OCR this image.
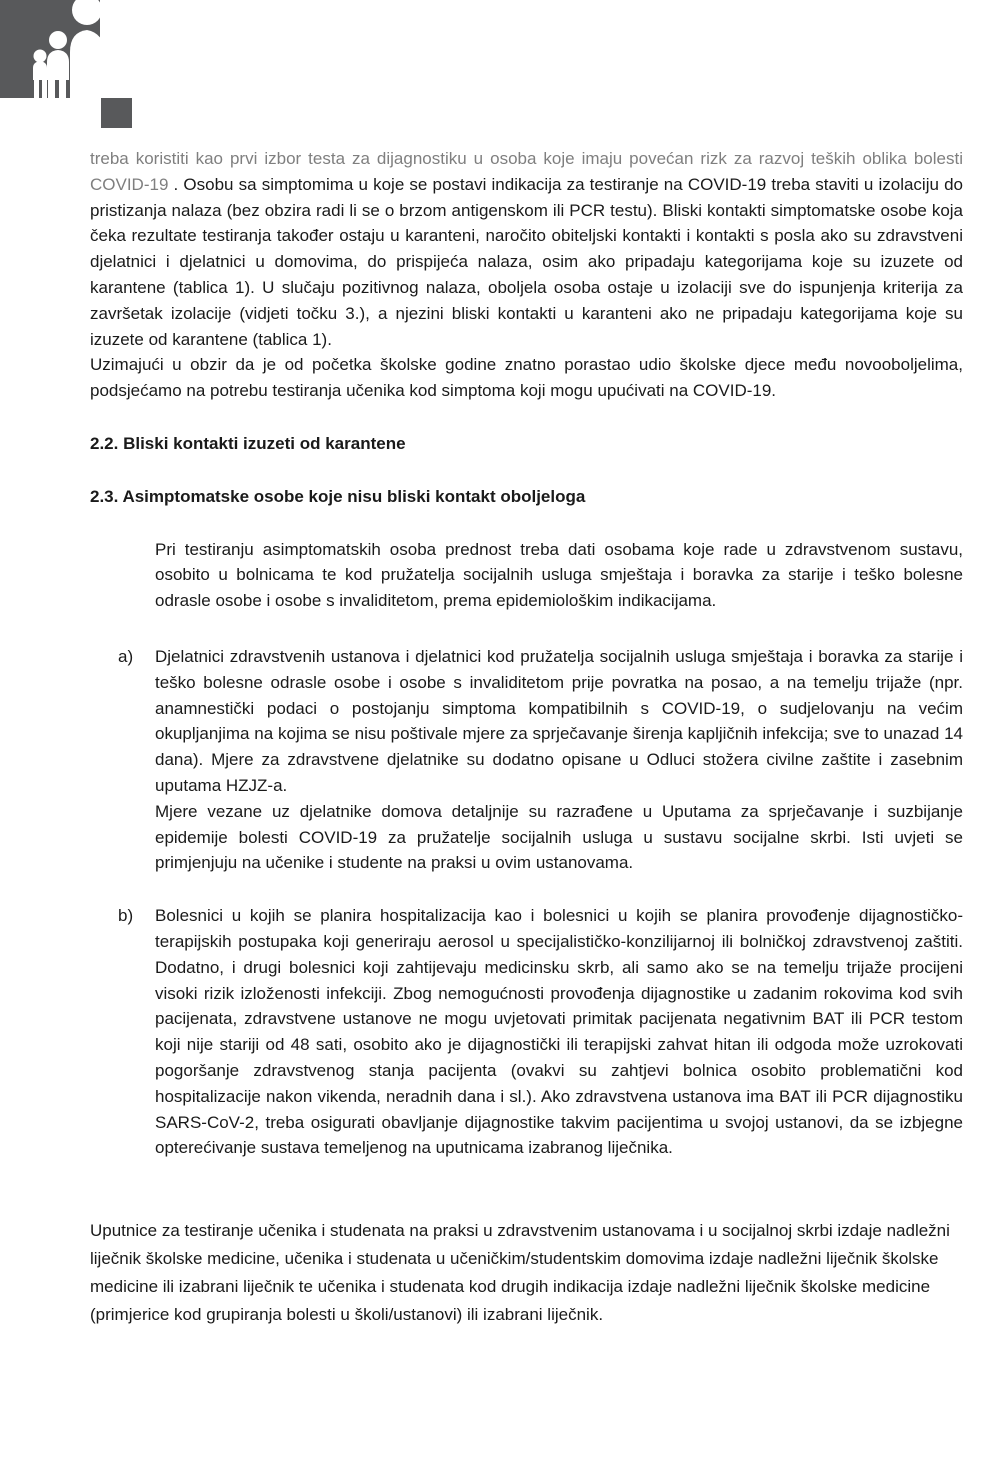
treba koristiti kao prvi izbor testa za dijagnostiku u osoba koje imaju povećan rizk za razvoj teških oblika bolesti COVID-19 . Osobu sa simptomima u koje se postavi indikacija za testiranje na COVID-19 treba staviti u izolaciju do pristizanja nalaza (bez obzira radi li se o brzom antigenskom ili PCR testu). Bliski kontakti simptomatske osobe koja čeka rezultate testiranja također ostaju u karanteni, naročito obiteljski kontakti i kontakti s posla ako su zdravstveni djelatnici i djelatnici u domovima, do prispijeća nalaza, osim ako pripadaju kategorijama koje su izuzete od karantene (tablica 1). U slučaju pozitivnog nalaza, oboljela osoba ostaje u izolaciji sve do ispunjenja kriterija za završetak izolacije (vidjeti točku 3.), a njezini bliski kontakti u karanteni ako ne pripadaju kategorijama koje su izuzete od karantene (tablica 1).

Uzimajući u obzir da je od početka školske godine znatno porastao udio školske djece među novooboljelima, podsjećamo na potrebu testiranja učenika kod simptoma koji mogu upućivati na COVID-19.

2.2. Bliski kontakti izuzeti od karantene
2.3. Asimptomatske osobe koje nisu bliski kontakt oboljeloga

Pri testiranju asimptomatskih osoba prednost treba dati osobama koje rade u zdravstvenom sustavu, osobito u bolnicama te kod pružatelja socijalnih usluga smještaja i boravka za starije i teško bolesne odrasle osobe i osobe s invaliditetom, prema epidemiološkim indikacijama.

a) Djelatnici zdravstvenih ustanova i djelatnici kod pružatelja socijalnih usluga smještaja i boravka za starije i teško bolesne odrasle osobe i osobe s invaliditetom prije povratka na posao, a na temelju trijaže (npr. anamnestički podaci o postojanju simptoma kompatibilnih s COVID-19, o sudjelovanju na većim okupljanjima na kojima se nisu poštivale mjere za sprječavanje širenja kapljičnih infekcija; sve to unazad 14 dana). Mjere za zdravstvene djelatnike su dodatno opisane u Odluci stožera civilne zaštite i zasebnim uputama HZJZ-a.

Mjere vezane uz djelatnike domova detaljnije su razrađene u Uputama za sprječavanje i suzbijanje epidemije bolesti COVID-19 za pružatelje socijalnih usluga u sustavu socijalne skrbi. Isti uvjeti se primjenjuju na učenike i studente na praksi u ovim ustanovama.

b) Bolesnici u kojih se planira hospitalizacija kao i bolesnici u kojih se planira provođenje dijagnostičko-terapijskih postupaka koji generiraju aerosol u specijalističko-konzilijarnoj ili bolničkoj zdravstvenoj zaštiti. Dodatno, i drugi bolesnici koji zahtijevaju medicinsku skrb, ali samo ako se na temelju trijaže procijeni visoki rizik izloženosti infekciji. Zbog nemogućnosti provođenja dijagnostike u zadanim rokovima kod svih pacijenata, zdravstvene ustanove ne mogu uvjetovati primitak pacijenata negativnim BAT ili PCR testom koji nije stariji od 48 sati, osobito ako je dijagnostički ili terapijski zahvat hitan ili odgoda može uzrokovati pogoršanje zdravstvenog stanja pacijenta (ovakvi su zahtjevi bolnica osobito problematični kod hospitalizacije nakon vikenda, neradnih dana i sl.). Ako zdravstvena ustanova ima BAT ili PCR dijagnostiku SARS-CoV-2, treba osigurati obavljanje dijagnostike takvim pacijentima u svojoj ustanovi, da se izbjegne opterećivanje sustava temeljenog na uputnicama izabranog liječnika.

Uputnice za testiranje učenika i studenata na praksi u zdravstvenim ustanovama i u socijalnoj skrbi izdaje nadležni liječnik školske medicine, učenika i studenata u učeničkim/studentskim domovima izdaje nadležni liječnik školske medicine ili izabrani liječnik te učenika i studenata kod drugih indikacija izdaje nadležni liječnik školske medicine (primjerice kod grupiranja bolesti u školi/ustanovi) ili izabrani liječnik.
